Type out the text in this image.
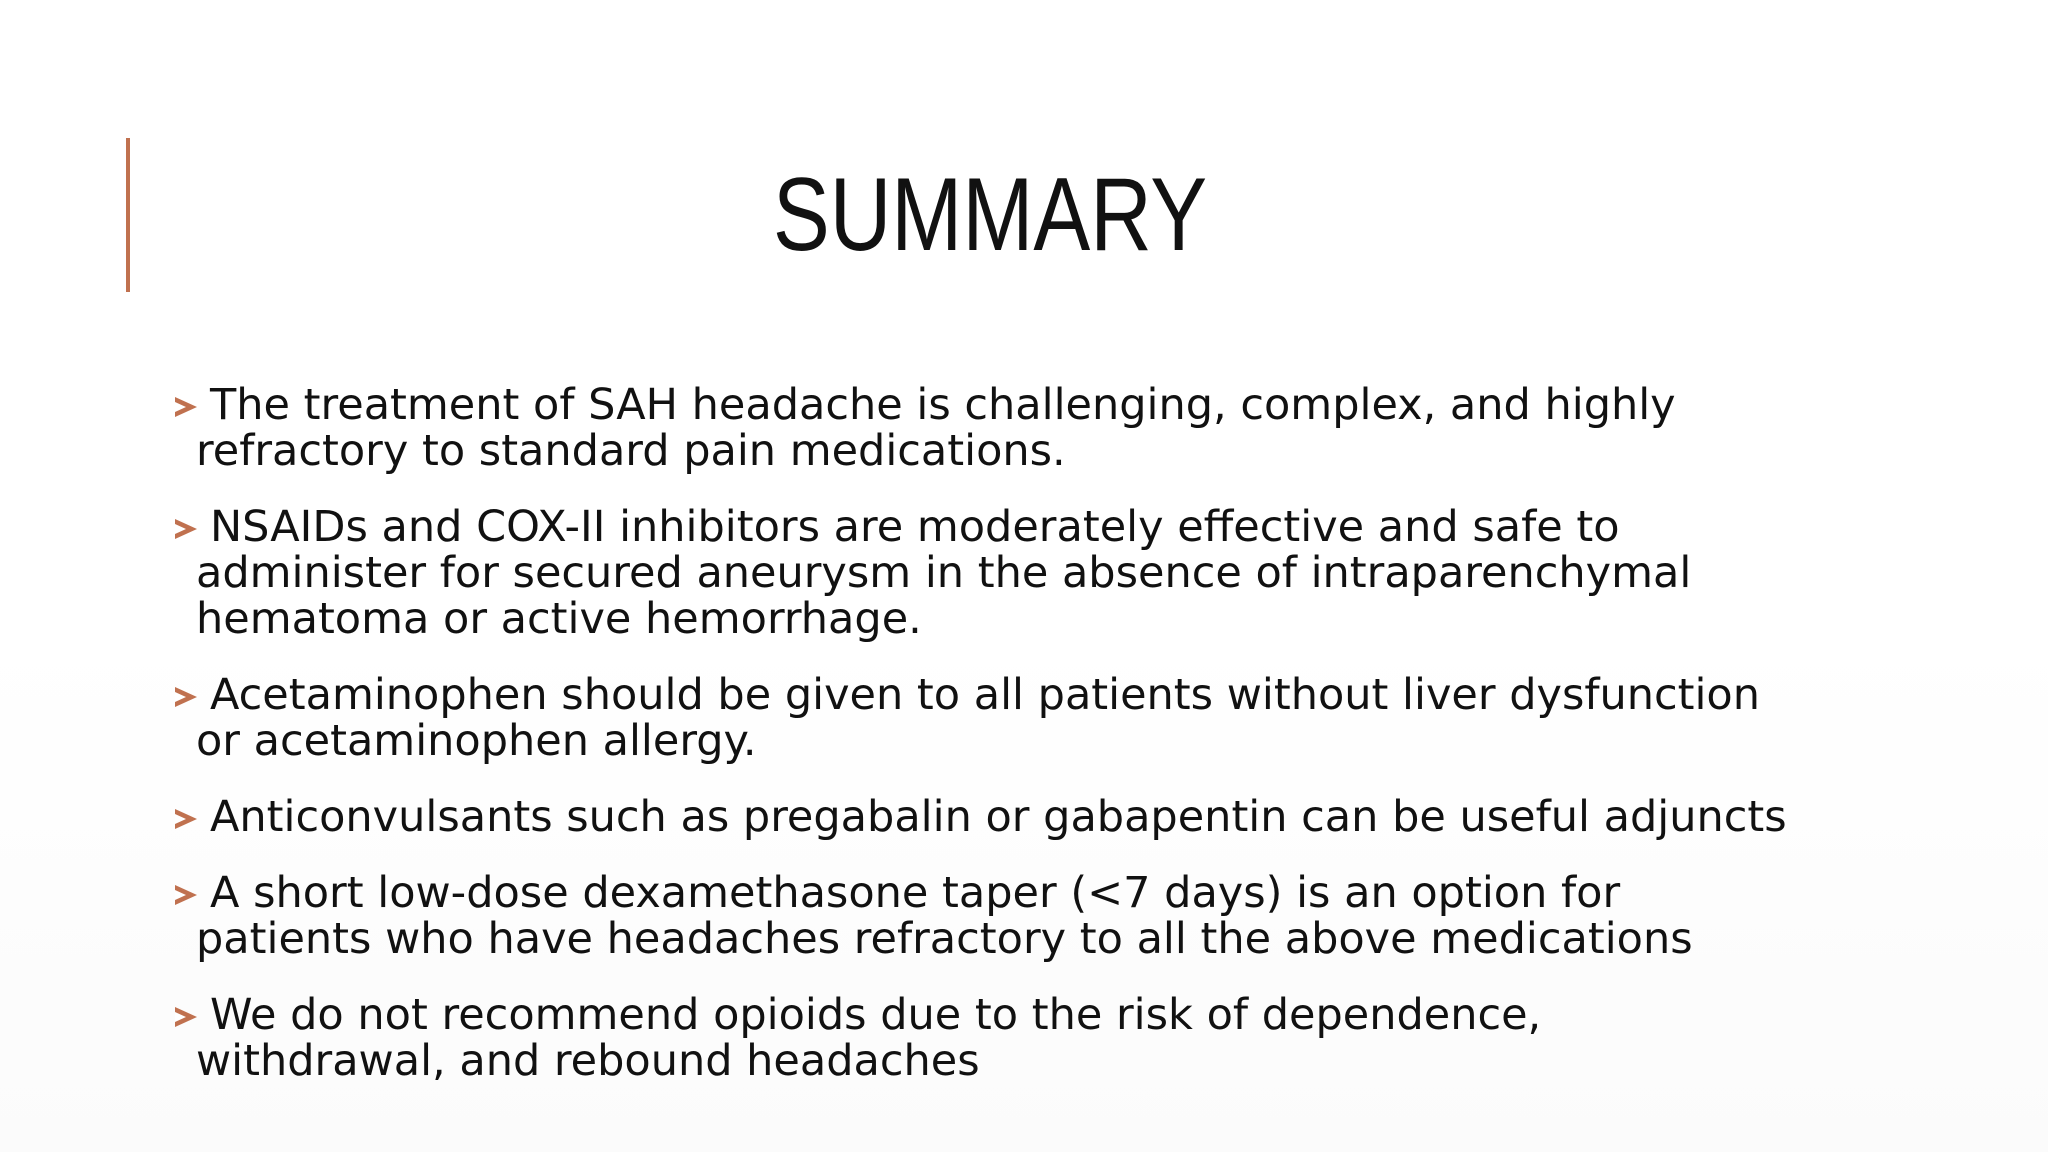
SUMMARY
The treatment of SAH headache is challenging, complex, and highly refractory to standard pain medications.
NSAIDs and COX-II inhibitors are moderately effective and safe to administer for secured aneurysm in the absence of intraparenchymal hematoma or active hemorrhage.
Acetaminophen should be given to all patients without liver dysfunction or acetaminophen allergy.
Anticonvulsants such as pregabalin or gabapentin can be useful adjuncts
A short low-dose dexamethasone taper (<7 days) is an option for patients who have headaches refractory to all the above medications
We do not recommend opioids due to the risk of dependence, withdrawal, and rebound headaches
